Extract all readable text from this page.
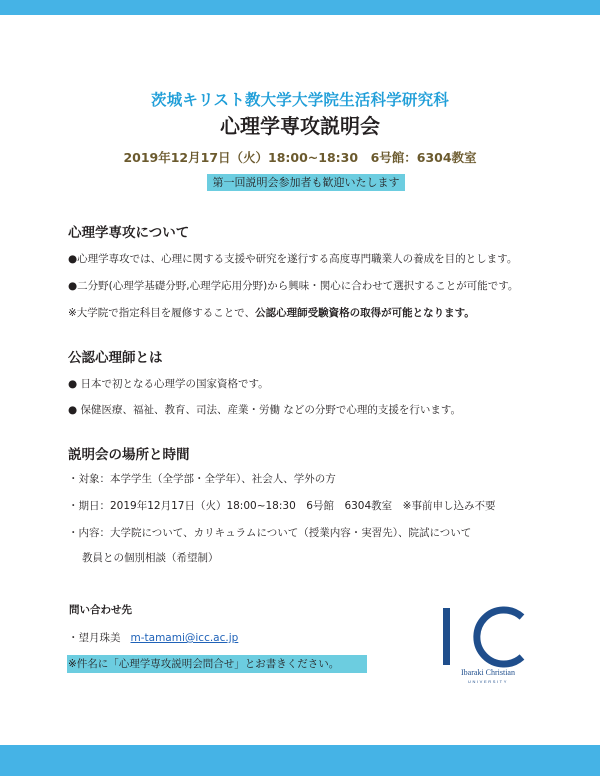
茨城キリスト教大学大学院生活科学研究科
心理学専攻説明会
2019年12月17日（火）18:00~18:30　6号館：6304教室
第一回説明会参加者も歓迎いたします
心理学専攻について
●心理学専攻では、心理に関する支援や研究を遂行する高度専門職業人の養成を目的とします。
●二分野(心理学基礎分野,心理学応用分野)から興味・関心に合わせて選択することが可能です。
※大学院で指定科目を履修することで、公認心理師受験資格の取得が可能となります。
公認心理師とは
● 日本で初となる心理学の国家資格です。
● 保健医療、福祉、教育、司法、産業・労働 などの分野で心理的支援を行います。
説明会の場所と時間
・対象：本学学生（全学部・全学年）、社会人、学外の方
・期日：2019年12月17日（火）18:00~18:30　6号館　6304教室　※事前申し込み不要
・内容：大学院について、カリキュラムについて（授業内容・実習先）、院試について
教員との個別相談（希望制）
問い合わせ先
・望月珠美 m-tamami@icc.ac.jp
※件名に「心理学専攻説明会問合せ」とお書きください。
Ibaraki Christian
UNIVERSITY
